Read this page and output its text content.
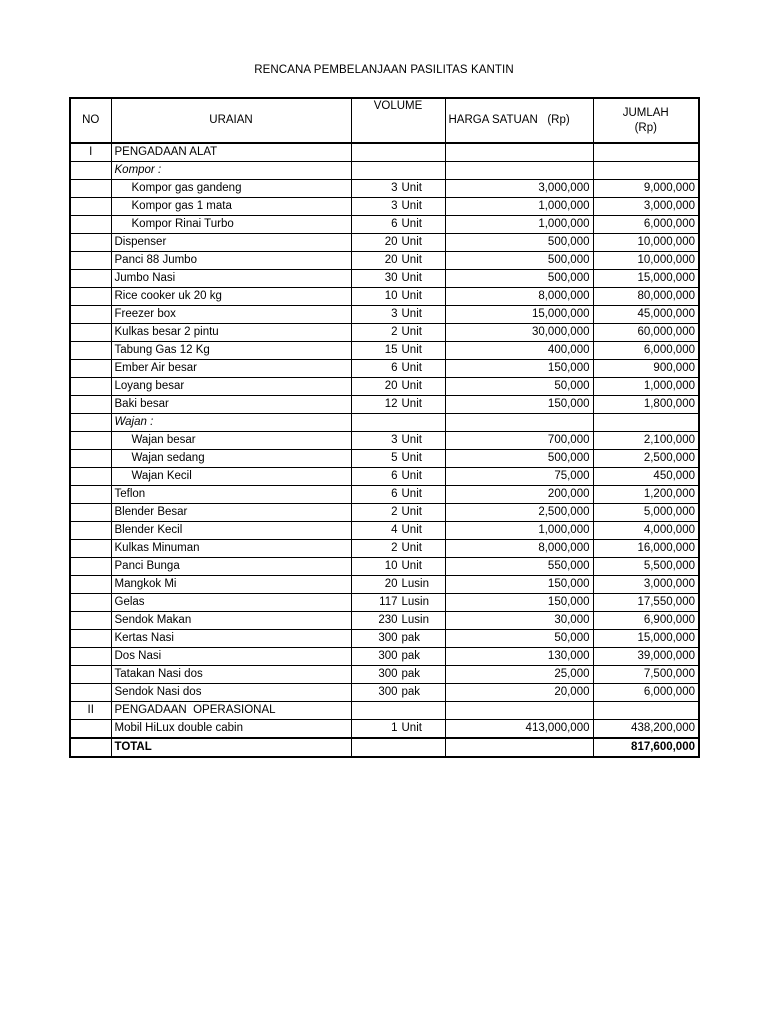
RENCANA PEMBELANJAAN PASILITAS KANTIN
NO	URAIAN	VOLUME	HARGA SATUAN   (Rp)	JUMLAH
(Rp)

I	PENGADAAN ALAT			
	Kompor :			
	Kompor gas gandeng	3 Unit	3,000,000	9,000,000
	Kompor gas 1 mata	3 Unit	1,000,000	3,000,000
	Kompor Rinai Turbo	6 Unit	1,000,000	6,000,000
	Dispenser	20 Unit	500,000	10,000,000
	Panci 88 Jumbo	20 Unit	500,000	10,000,000
	Jumbo Nasi	30 Unit	500,000	15,000,000
	Rice cooker uk 20 kg	10 Unit	8,000,000	80,000,000
	Freezer box	3 Unit	15,000,000	45,000,000
	Kulkas besar 2 pintu	2 Unit	30,000,000	60,000,000
	Tabung Gas 12 Kg	15 Unit	400,000	6,000,000
	Ember Air besar	6 Unit	150,000	900,000
	Loyang besar	20 Unit	50,000	1,000,000
	Baki besar	12 Unit	150,000	1,800,000
	Wajan :			
	Wajan besar	3 Unit	700,000	2,100,000
	Wajan sedang	5 Unit	500,000	2,500,000
	Wajan Kecil	6 Unit	75,000	450,000
	Teflon	6 Unit	200,000	1,200,000
	Blender Besar	2 Unit	2,500,000	5,000,000
	Blender Kecil	4 Unit	1,000,000	4,000,000
	Kulkas Minuman	2 Unit	8,000,000	16,000,000
	Panci Bunga	10 Unit	550,000	5,500,000
	Mangkok Mi	20 Lusin	150,000	3,000,000
	Gelas	117 Lusin	150,000	17,550,000
	Sendok Makan	230 Lusin	30,000	6,900,000
	Kertas Nasi	300 pak	50,000	15,000,000
	Dos Nasi	300 pak	130,000	39,000,000
	Tatakan Nasi dos	300 pak	25,000	7,500,000
	Sendok Nasi dos	300 pak	20,000	6,000,000
II	PENGADAAN  OPERASIONAL			
	Mobil HiLux double cabin	1 Unit	413,000,000	438,200,000
	TOTAL			817,600,000
